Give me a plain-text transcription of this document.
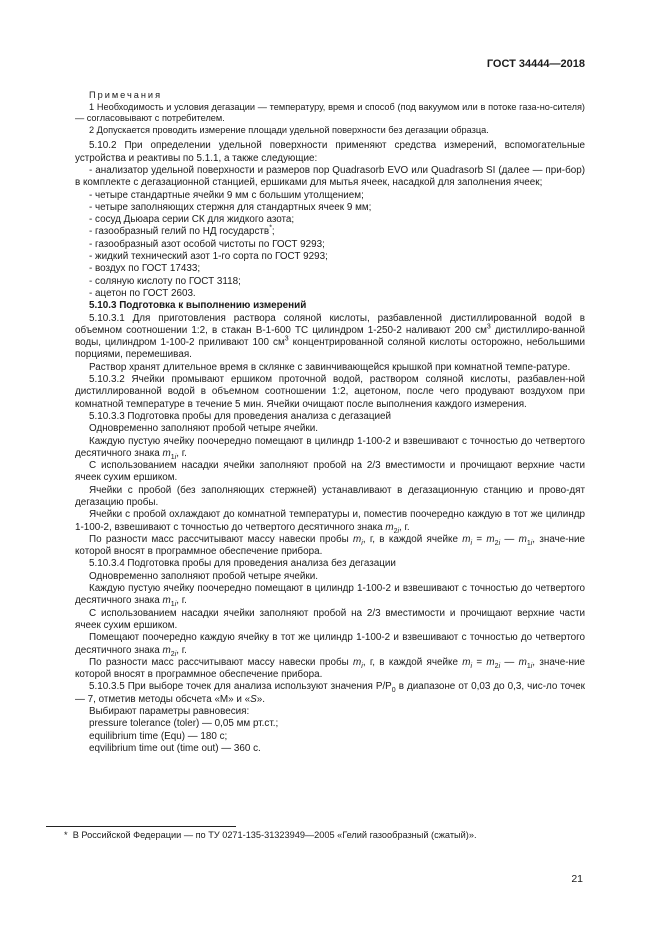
ГОСТ 34444—2018

Примечания

1 Необходимость и условия дегазации — температуру, время и способ (под вакуумом или в потоке газа-но-сителя) — согласовывают с потребителем.

2 Допускается проводить измерение площади удельной поверхности без дегазации образца.

5.10.2 При определении удельной поверхности применяют средства измерений, вспомогательные устройства и реактивы по 5.1.1, а также следующие:

- анализатор удельной поверхности и размеров пор Quadrasorb EVO или Quadrasorb SI (далее — при-бор) в комплекте с дегазационной станцией, ершиками для мытья ячеек, насадкой для заполнения ячеек;

- четыре стандартные ячейки 9 мм с большим утолщением;

- четыре заполняющих стержня для стандартных ячеек 9 мм;

- сосуд Дьюара серии СК для жидкого азота;

- газообразный гелий по НД государств*;

- газообразный азот особой чистоты по ГОСТ 9293;

- жидкий технический азот 1-го сорта по ГОСТ 9293;

- воздух по ГОСТ 17433;

- соляную кислоту по ГОСТ 3118;

- ацетон по ГОСТ 2603.

5.10.3 Подготовка к выполнению измерений

5.10.3.1 Для приготовления раствора соляной кислоты, разбавленной дистиллированной водой в объемном соотношении 1:2, в стакан В-1-600 ТС цилиндром 1-250-2 наливают 200 $см^3$ дистиллиро-ванной воды, цилиндром 1-100-2 приливают 100 $см^3$ концентрированной соляной кислоты осторожно, небольшими порциями, перемешивая.

Раствор хранят длительное время в склянке с завинчивающейся крышкой при комнатной темпе-ратуре.

5.10.3.2 Ячейки промывают ершиком проточной водой, раствором соляной кислоты, разбавлен-ной дистиллированной водой в объемном соотношении 1:2, ацетоном, после чего продувают воздухом при комнатной температуре в течение 5 мин. Ячейки очищают после выполнения каждого измерения.

5.10.3.3 Подготовка пробы для проведения анализа с дегазацией

Одновременно заполняют пробой четыре ячейки.

Каждую пустую ячейку поочередно помещают в цилиндр 1-100-2 и взвешивают с точностью до четвертого десятичного знака $m_{1i}$, г.

С использованием насадки ячейки заполняют пробой на 2/3 вместимости и прочищают верхние части ячеек сухим ершиком.

Ячейки с пробой (без заполняющих стержней) устанавливают в дегазационную станцию и прово-дят дегазацию пробы.

Ячейки с пробой охлаждают до комнатной температуры и, поместив поочередно каждую в тот же цилиндр 1-100-2, взвешивают с точностью до четвертого десятичного знака $m_{2i}$, г.

По разности масс рассчитывают массу навески пробы $m_i$, г, в каждой ячейке $m_i = m_{2i}$ — $m_{1i}$, значе-ние которой вносят в программное обеспечение прибора.

5.10.3.4 Подготовка пробы для проведения анализа без дегазации

Одновременно заполняют пробой четыре ячейки.

Каждую пустую ячейку поочередно помещают в цилиндр 1-100-2 и взвешивают с точностью до четвертого десятичного знака $m_{1i}$, г.

С использованием насадки ячейки заполняют пробой на 2/3 вместимости и прочищают верхние части ячеек сухим ершиком.

Помещают поочередно каждую ячейку в тот же цилиндр 1-100-2 и взвешивают с точностью до четвертого десятичного знака $m_{2i}$, г.

По разности масс рассчитывают массу навески пробы $m_i$, г, в каждой ячейке $m_i = m_{2i}$ — $m_{1i}$, значе-ние которой вносят в программное обеспечение прибора.

5.10.3.5 При выборе точек для анализа используют значения $P/P_0$ в диапазоне от 0,03 до 0,3, чис-ло точек — 7, отметив методы обсчета «M» и «S».

Выбирают параметры равновесия:

pressure tolerance (toler) — 0,05 мм рт.ст.;

equilibrium time (Equ) — 180 с;

eqvilibrium time out (time out) — 360 с.

* В Российской Федерации — по ТУ 0271-135-31323949—2005 «Гелий газообразный (сжатый)».
21
